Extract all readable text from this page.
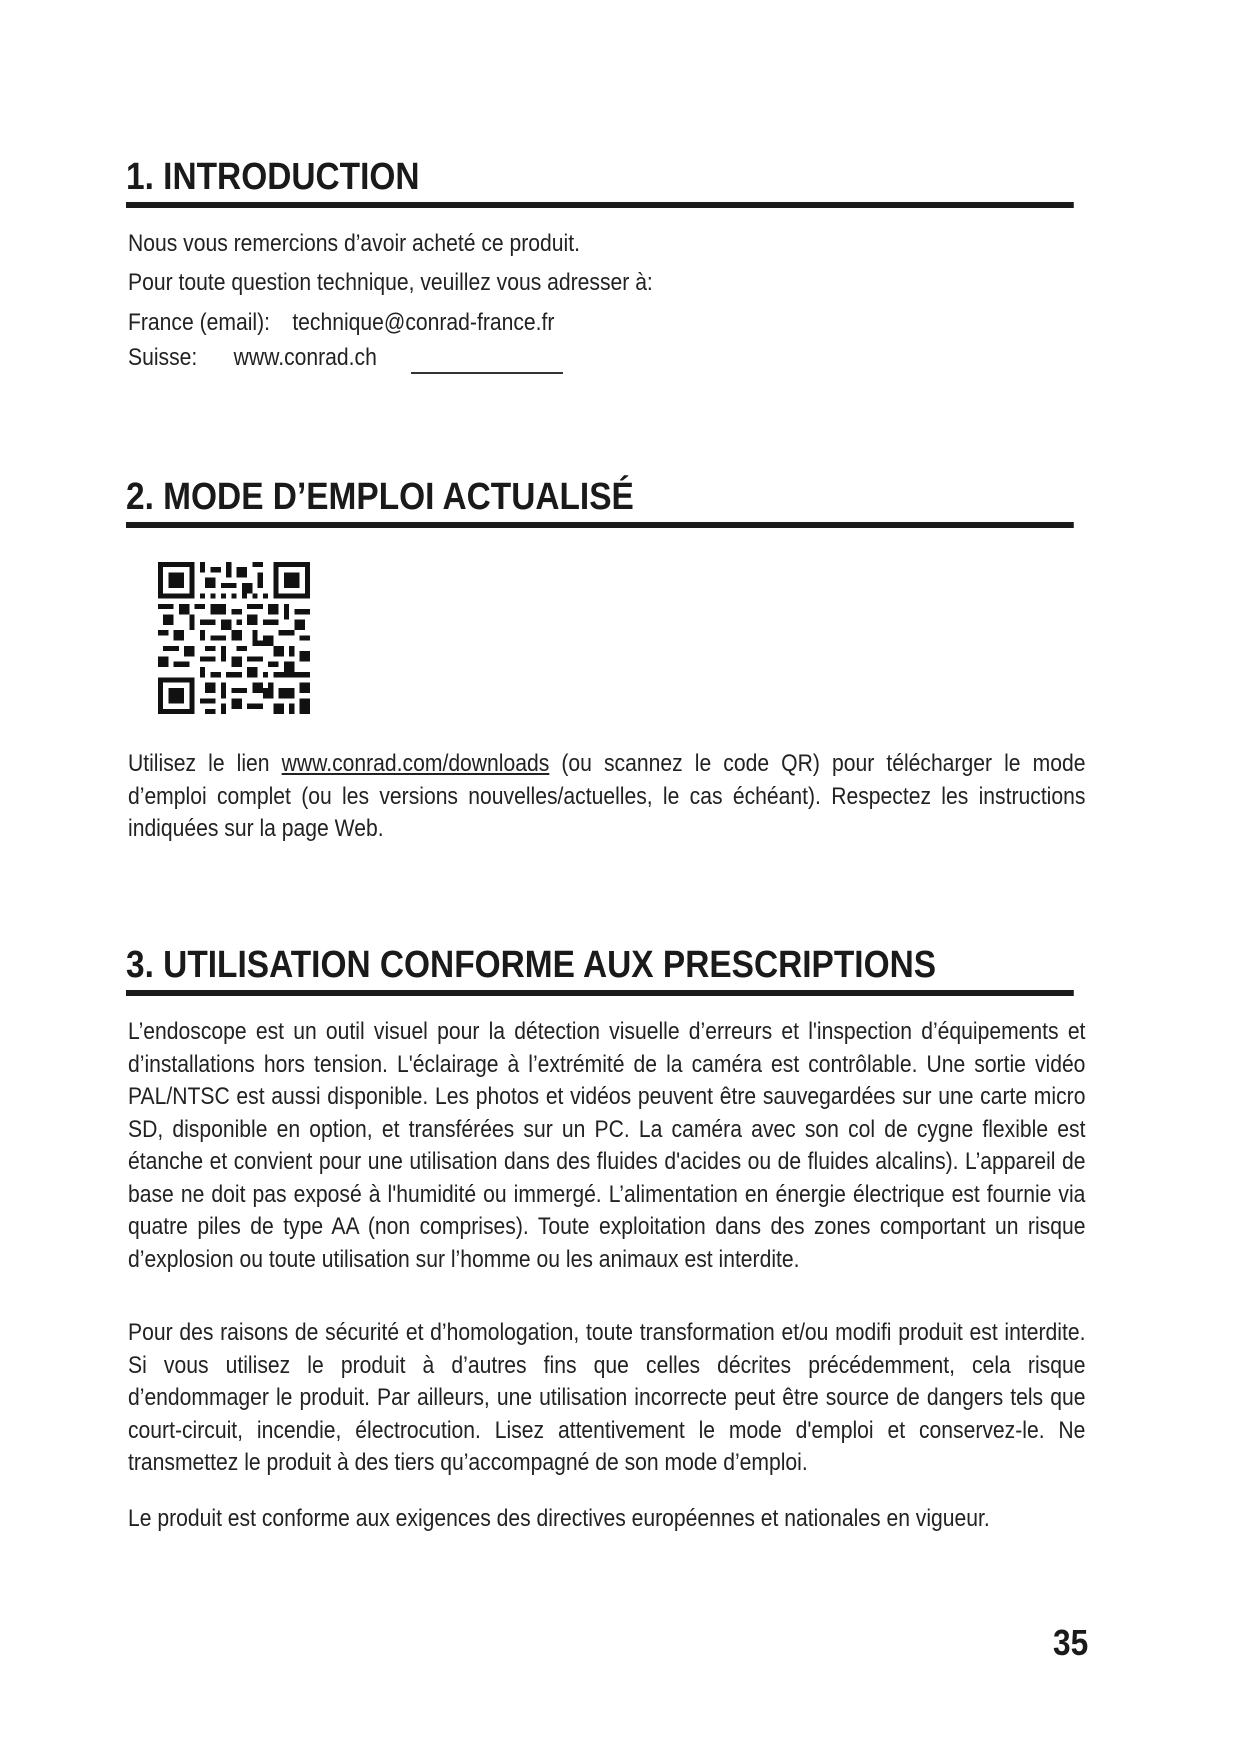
1. INTRODUCTION

Nous vous remercions d’avoir acheté ce produit.

Pour toute question technique, veuillez vous adresser à:

France (email): technique@conrad-france.fr

Suisse: www.conrad.ch

2. MODE D’EMPLOI ACTUALISÉ

Utilisez le lien www.conrad.com/downloads (ou scannez le code QR) pour télécharger le mode d’emploi complet (ou les versions nouvelles/actuelles, le cas échéant). Respectez les instructions indiquées sur la page Web.

3. UTILISATION CONFORME AUX PRESCRIPTIONS

L’endoscope est un outil visuel pour la détection visuelle d’erreurs et l'inspection d’équipements et d’installations hors tension. L'éclairage à l’extrémité de la caméra est contrôlable. Une sortie vidéo PAL/NTSC est aussi disponible. Les photos et vidéos peuvent être sauvegardées sur une carte micro SD, disponible en option, et transférées sur un PC. La caméra avec son col de cygne flexible est étanche et convient pour une utilisation dans des fluides d'acides ou de fluides alcalins). L’appareil de base ne doit pas exposé à l'humidité ou immergé. L’alimentation en énergie électrique est fournie via quatre piles de type AA (non comprises). Toute exploitation dans des zones comportant un risque d’explosion ou toute utilisation sur l’homme ou les animaux est interdite.

Pour des raisons de sécurité et d’homologation, toute transformation et/ou modifi produit est interdite. Si vous utilisez le produit à d’autres fins que celles décrites précédemment, cela risque d’endommager le produit. Par ailleurs, une utilisation incorrecte peut être source de dangers tels que court-circuit, incendie, électrocution. Lisez attentivement le mode d'emploi et conservez-le. Ne transmettez le produit à des tiers qu’accompagné de son mode d’emploi.

Le produit est conforme aux exigences des directives européennes et nationales en vigueur.

35
